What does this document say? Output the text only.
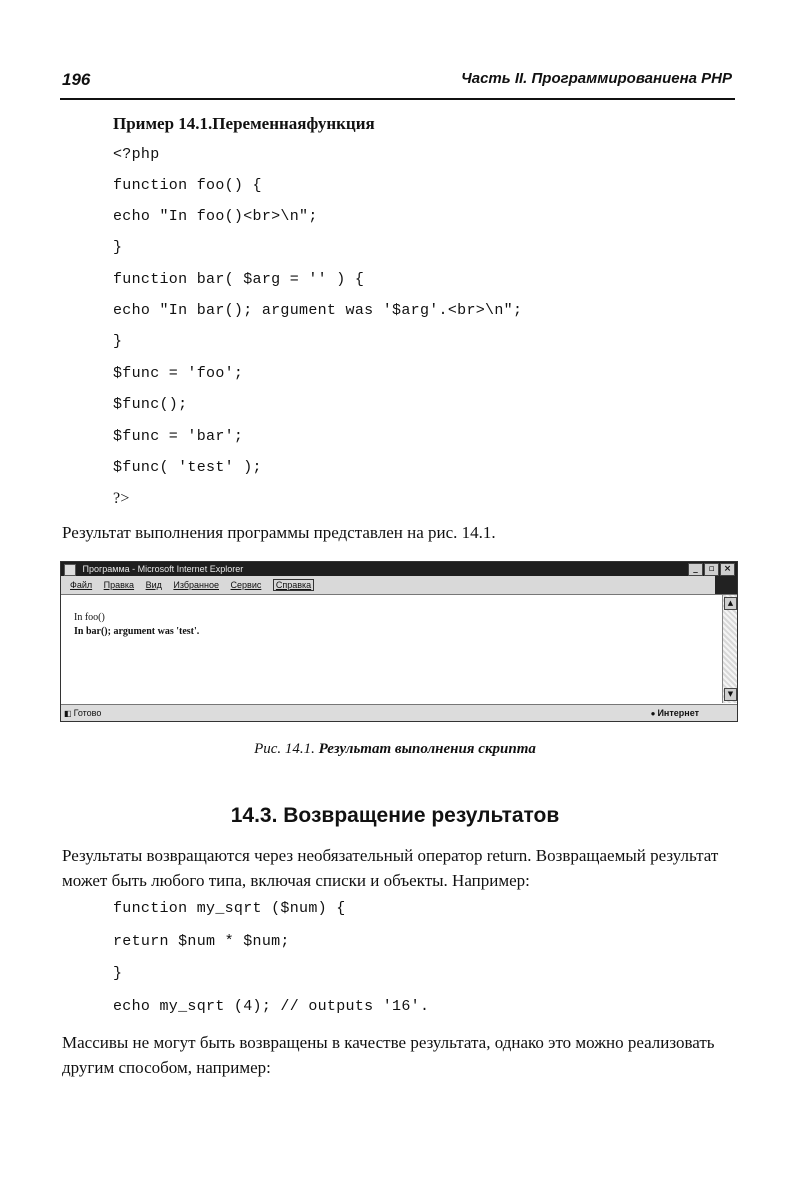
196	Часть II. Программированиена PHP
Пример 14.1.Переменнаяфункция
<?php
function foo() {
echo "In foo()<br>\n";
}
function bar( $arg = '' ) {
echo "In bar(); argument was '$arg'.<br>\n";
}
$func = 'foo';
$func();
$func = 'bar';
$func( 'test' );
?>
Результат выполнения программы представлен на рис. 14.1.
Программа - Microsoft Internet Explorer	_	▫	×
Файл Правка Вид Избранное Сервис Справка
In foo()
In bar(); argument was 'test'.
▲
▼
◧ Готово	● Интернет
Рис. 14.1. Результат выполнения скрипта
14.3. Возвращение результатов
Результаты возвращаются через необязательный оператор return. Возвращаемый результат может быть любого типа, включая списки и объекты. Например:
function my_sqrt ($num) {
return $num * $num;
}
echo my_sqrt (4); // outputs '16'.
Массивы не могут быть возвращены в качестве результата, однако это можно реализовать другим способом, например:
